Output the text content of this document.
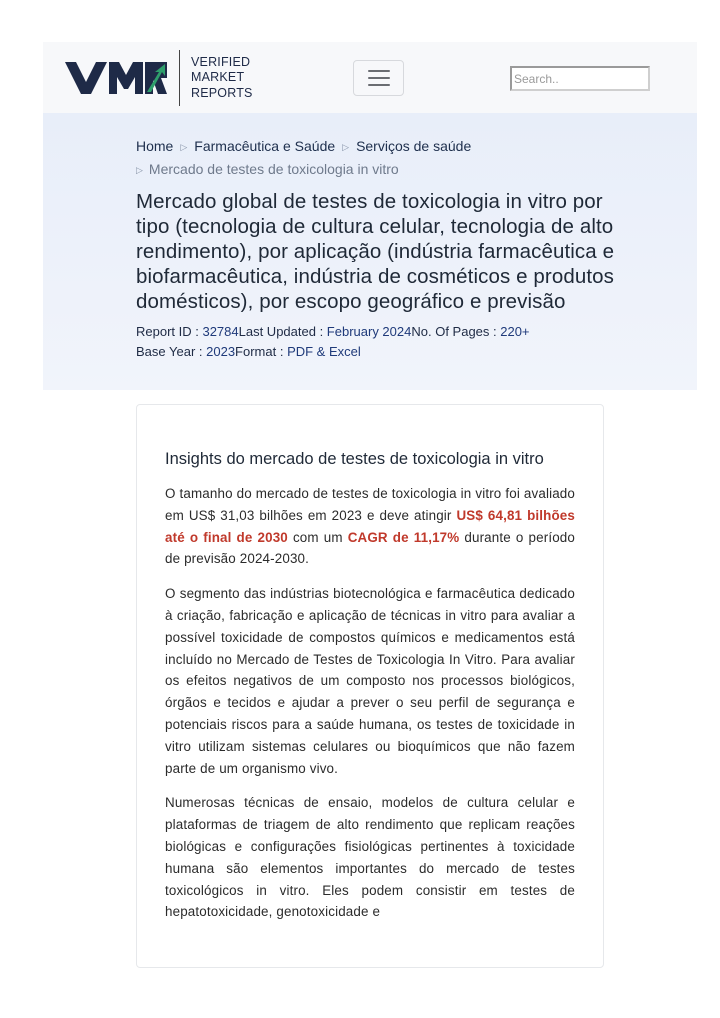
VERIFIED
MARKET
REPORTS
Search..
Home ▷ Farmacêutica e Saúde ▷ Serviços de saúde
▷ Mercado de testes de toxicologia in vitro
Mercado global de testes de toxicologia in vitro por tipo (tecnologia de cultura celular, tecnologia de alto rendimento), por aplicação (indústria farmacêutica e biofarmacêutica, indústria de cosméticos e produtos domésticos), por escopo geográfico e previsão
Report ID : 32784Last Updated : February 2024No. Of Pages : 220+
Base Year : 2023Format : PDF & Excel
Insights do mercado de testes de toxicologia in vitro

O tamanho do mercado de testes de toxicologia in vitro foi avaliado em US$ 31,03 bilhões em 2023 e deve atingir US$ 64,81 bilhões até o final de 2030 com um CAGR de 11,17% durante o período de previsão 2024-2030.

O segmento das indústrias biotecnológica e farmacêutica dedicado à criação, fabricação e aplicação de técnicas in vitro para avaliar a possível toxicidade de compostos químicos e medicamentos está incluído no Mercado de Testes de Toxicologia In Vitro. Para avaliar os efeitos negativos de um composto nos processos biológicos, órgãos e tecidos e ajudar a prever o seu perfil de segurança e potenciais riscos para a saúde humana, os testes de toxicidade in vitro utilizam sistemas celulares ou bioquímicos que não fazem parte de um organismo vivo.

Numerosas técnicas de ensaio, modelos de cultura celular e plataformas de triagem de alto rendimento que replicam reações biológicas e configurações fisiológicas pertinentes à toxicidade humana são elementos importantes do mercado de testes toxicológicos in vitro. Eles podem consistir em testes de hepatotoxicidade, genotoxicidade e
